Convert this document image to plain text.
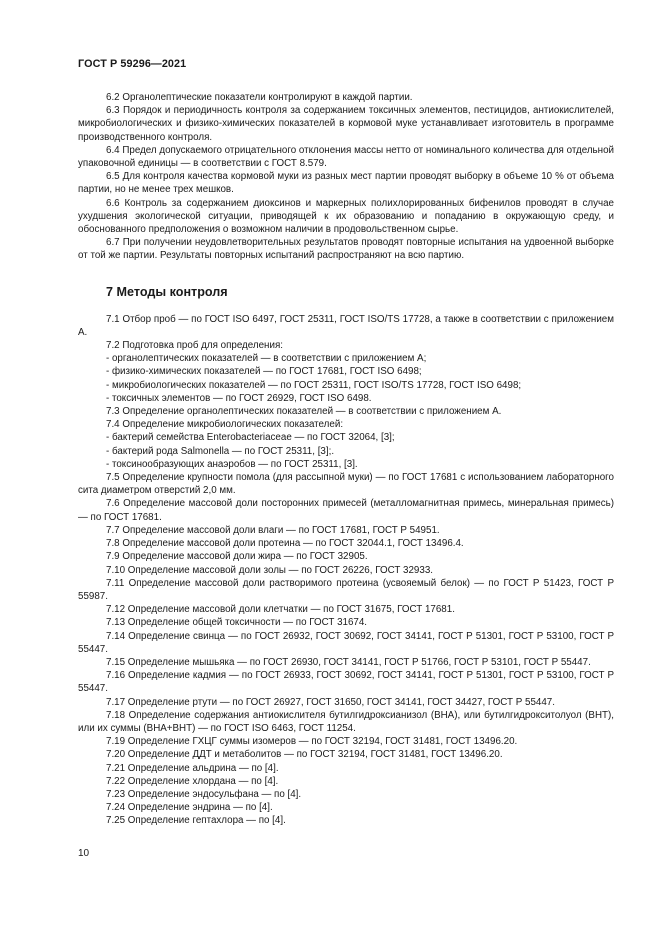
ГОСТ Р 59296—2021

6.2 Органолептические показатели контролируют в каждой партии.

6.3 Порядок и периодичность контроля за содержанием токсичных элементов, пестицидов, антиокислителей, микробиологических и физико-химических показателей в кормовой муке устанавливает изготовитель в программе производственного контроля.

6.4 Предел допускаемого отрицательного отклонения массы нетто от номинального количества для отдельной упаковочной единицы — в соответствии с ГОСТ 8.579.

6.5 Для контроля качества кормовой муки из разных мест партии проводят выборку в объеме 10 % от объема партии, но не менее трех мешков.

6.6 Контроль за содержанием диоксинов и маркерных полихлорированных бифенилов проводят в случае ухудшения экологической ситуации, приводящей к их образованию и попаданию в окружающую среду, и обоснованного предположения о возможном наличии в продовольственном сырье.

6.7 При получении неудовлетворительных результатов проводят повторные испытания на удвоенной выборке от той же партии. Результаты повторных испытаний распространяют на всю партию.

7 Методы контроля

7.1 Отбор проб — по ГОСТ ISO 6497, ГОСТ 25311, ГОСТ ISO/TS 17728, а также в соответствии с приложением А.

7.2 Подготовка проб для определения:

- органолептических показателей — в соответствии с приложением А;

- физико-химических показателей — по ГОСТ 17681, ГОСТ ISO 6498;

- микробиологических показателей — по ГОСТ 25311, ГОСТ ISO/TS 17728, ГОСТ ISO 6498;

- токсичных элементов — по ГОСТ 26929, ГОСТ ISO 6498.

7.3 Определение органолептических показателей — в соответствии с приложением А.

7.4 Определение микробиологических показателей:

- бактерий семейства Enterobacteriaceae — по ГОСТ 32064, [3];

- бактерий рода Salmonella — по ГОСТ 25311, [3];.

- токсинообразующих анаэробов — по ГОСТ 25311, [3].

7.5 Определение крупности помола (для рассыпной муки) — по ГОСТ 17681 с использованием лабораторного сита диаметром отверстий 2,0 мм.

7.6 Определение массовой доли посторонних примесей (металломагнитная примесь, минеральная примесь) — по ГОСТ 17681.

7.7 Определение массовой доли влаги — по ГОСТ 17681, ГОСТ Р 54951.

7.8 Определение массовой доли протеина — по ГОСТ 32044.1, ГОСТ 13496.4.

7.9 Определение массовой доли жира — по ГОСТ 32905.

7.10 Определение массовой доли золы — по ГОСТ 26226, ГОСТ 32933.

7.11 Определение массовой доли растворимого протеина (усвояемый белок) — по ГОСТ Р 51423, ГОСТ Р 55987.

7.12 Определение массовой доли клетчатки — по ГОСТ 31675, ГОСТ 17681.

7.13 Определение общей токсичности — по ГОСТ 31674.

7.14 Определение свинца — по ГОСТ 26932, ГОСТ 30692, ГОСТ 34141, ГОСТ Р 51301, ГОСТ Р 53100, ГОСТ Р 55447.

7.15 Определение мышьяка — по ГОСТ 26930, ГОСТ 34141, ГОСТ Р 51766, ГОСТ Р 53101, ГОСТ Р 55447.

7.16 Определение кадмия — по ГОСТ 26933, ГОСТ 30692, ГОСТ 34141, ГОСТ Р 51301, ГОСТ Р 53100, ГОСТ Р 55447.

7.17 Определение ртути — по ГОСТ 26927, ГОСТ 31650, ГОСТ 34141, ГОСТ 34427, ГОСТ Р 55447.

7.18 Определение содержания антиокислителя бутилгидроксианизол (ВНА), или бутилгидрокситолуол (ВНТ), или их суммы (ВНА+ВНТ) — по ГОСТ ISO 6463, ГОСТ 11254.

7.19 Определение ГХЦГ суммы изомеров — по ГОСТ 32194, ГОСТ 31481, ГОСТ 13496.20.

7.20 Определение ДДТ и метаболитов — по ГОСТ 32194, ГОСТ 31481, ГОСТ 13496.20.

7.21 Определение альдрина — по [4].

7.22 Определение хлордана — по [4].

7.23 Определение эндосульфана — по [4].

7.24 Определение эндрина — по [4].

7.25 Определение гептахлора — по [4].

10
